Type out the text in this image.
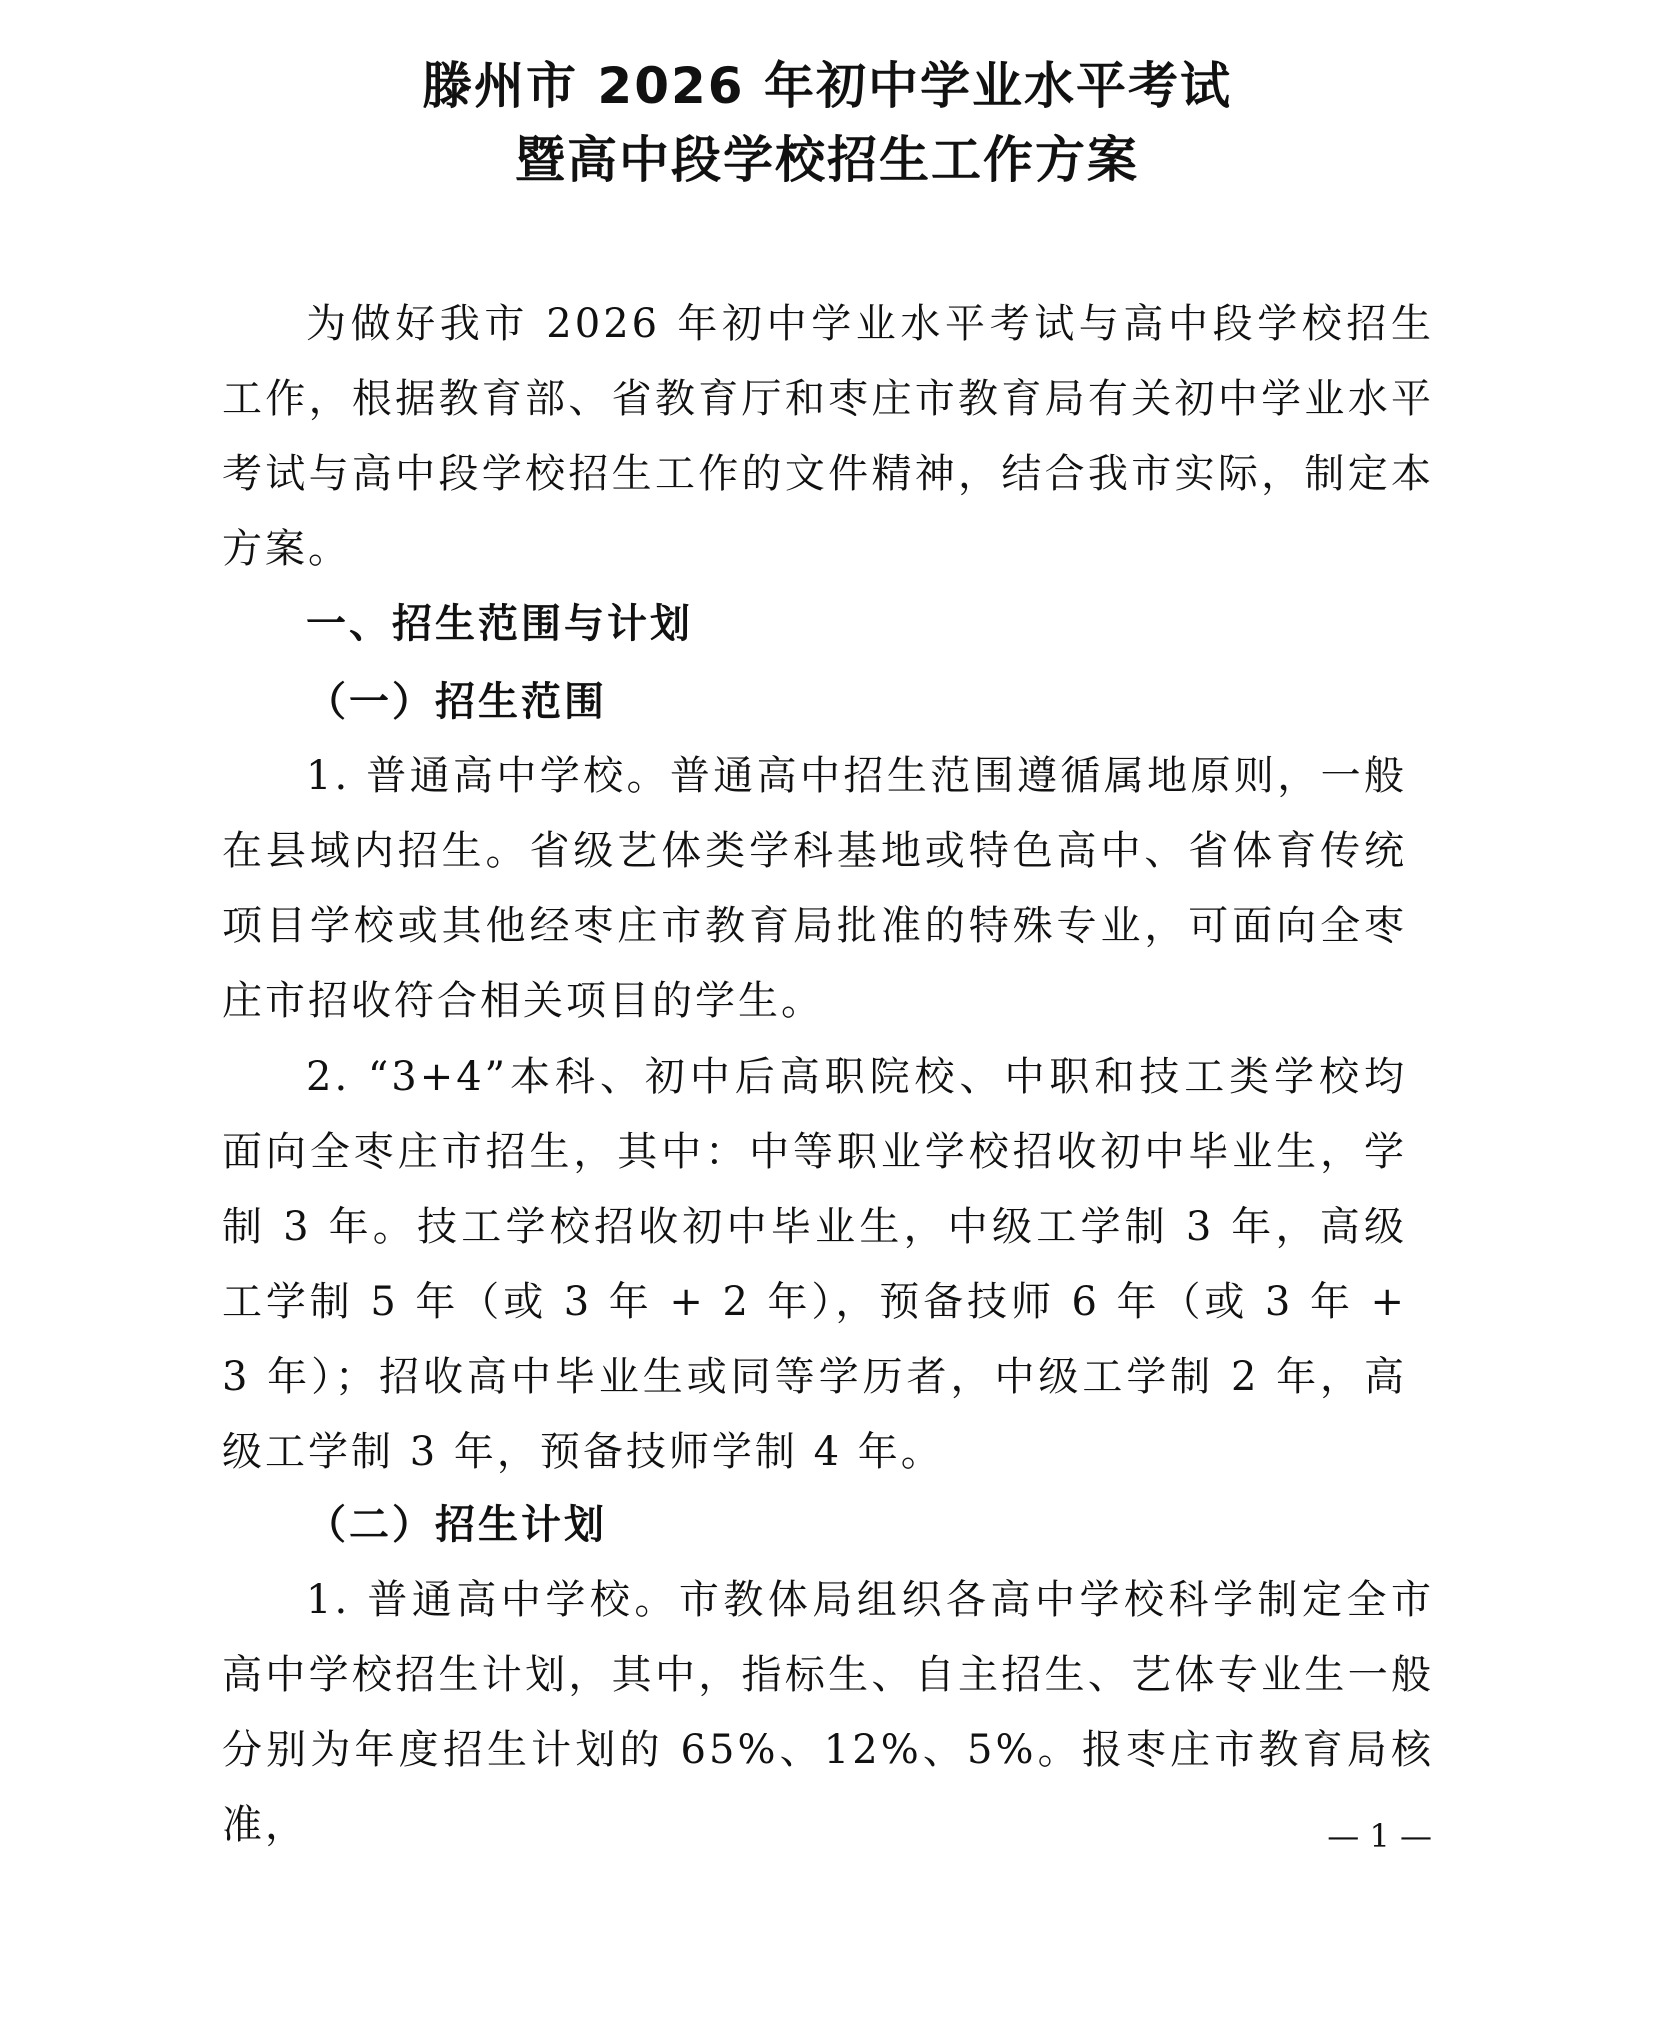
滕州市 2026 年初中学业水平考试
暨高中段学校招生工作方案

为做好我市 2026 年初中学业水平考试与高中段学校招生工作，根据教育部、省教育厅和枣庄市教育局有关初中学业水平考试与高中段学校招生工作的文件精神，结合我市实际，制定本方案。

一、招生范围与计划
（一）招生范围

1. 普通高中学校。普通高中招生范围遵循属地原则，一般在县域内招生。省级艺体类学科基地或特色高中、省体育传统项目学校或其他经枣庄市教育局批准的特殊专业，可面向全枣庄市招收符合相关项目的学生。

2. “3+4”本科、初中后高职院校、中职和技工类学校均面向全枣庄市招生，其中：中等职业学校招收初中毕业生，学制 3 年。技工学校招收初中毕业生，中级工学制 3 年，高级工学制 5 年（或 3 年 + 2 年），预备技师 6 年（或 3 年 + 3 年）；招收高中毕业生或同等学历者，中级工学制 2 年，高级工学制 3 年，预备技师学制 4 年。

（二）招生计划

1. 普通高中学校。市教体局组织各高中学校科学制定全市高中学校招生计划，其中，指标生、自主招生、艺体专业生一般分别为年度招生计划的 65%、12%、5%。报枣庄市教育局核准，	— 1 —
